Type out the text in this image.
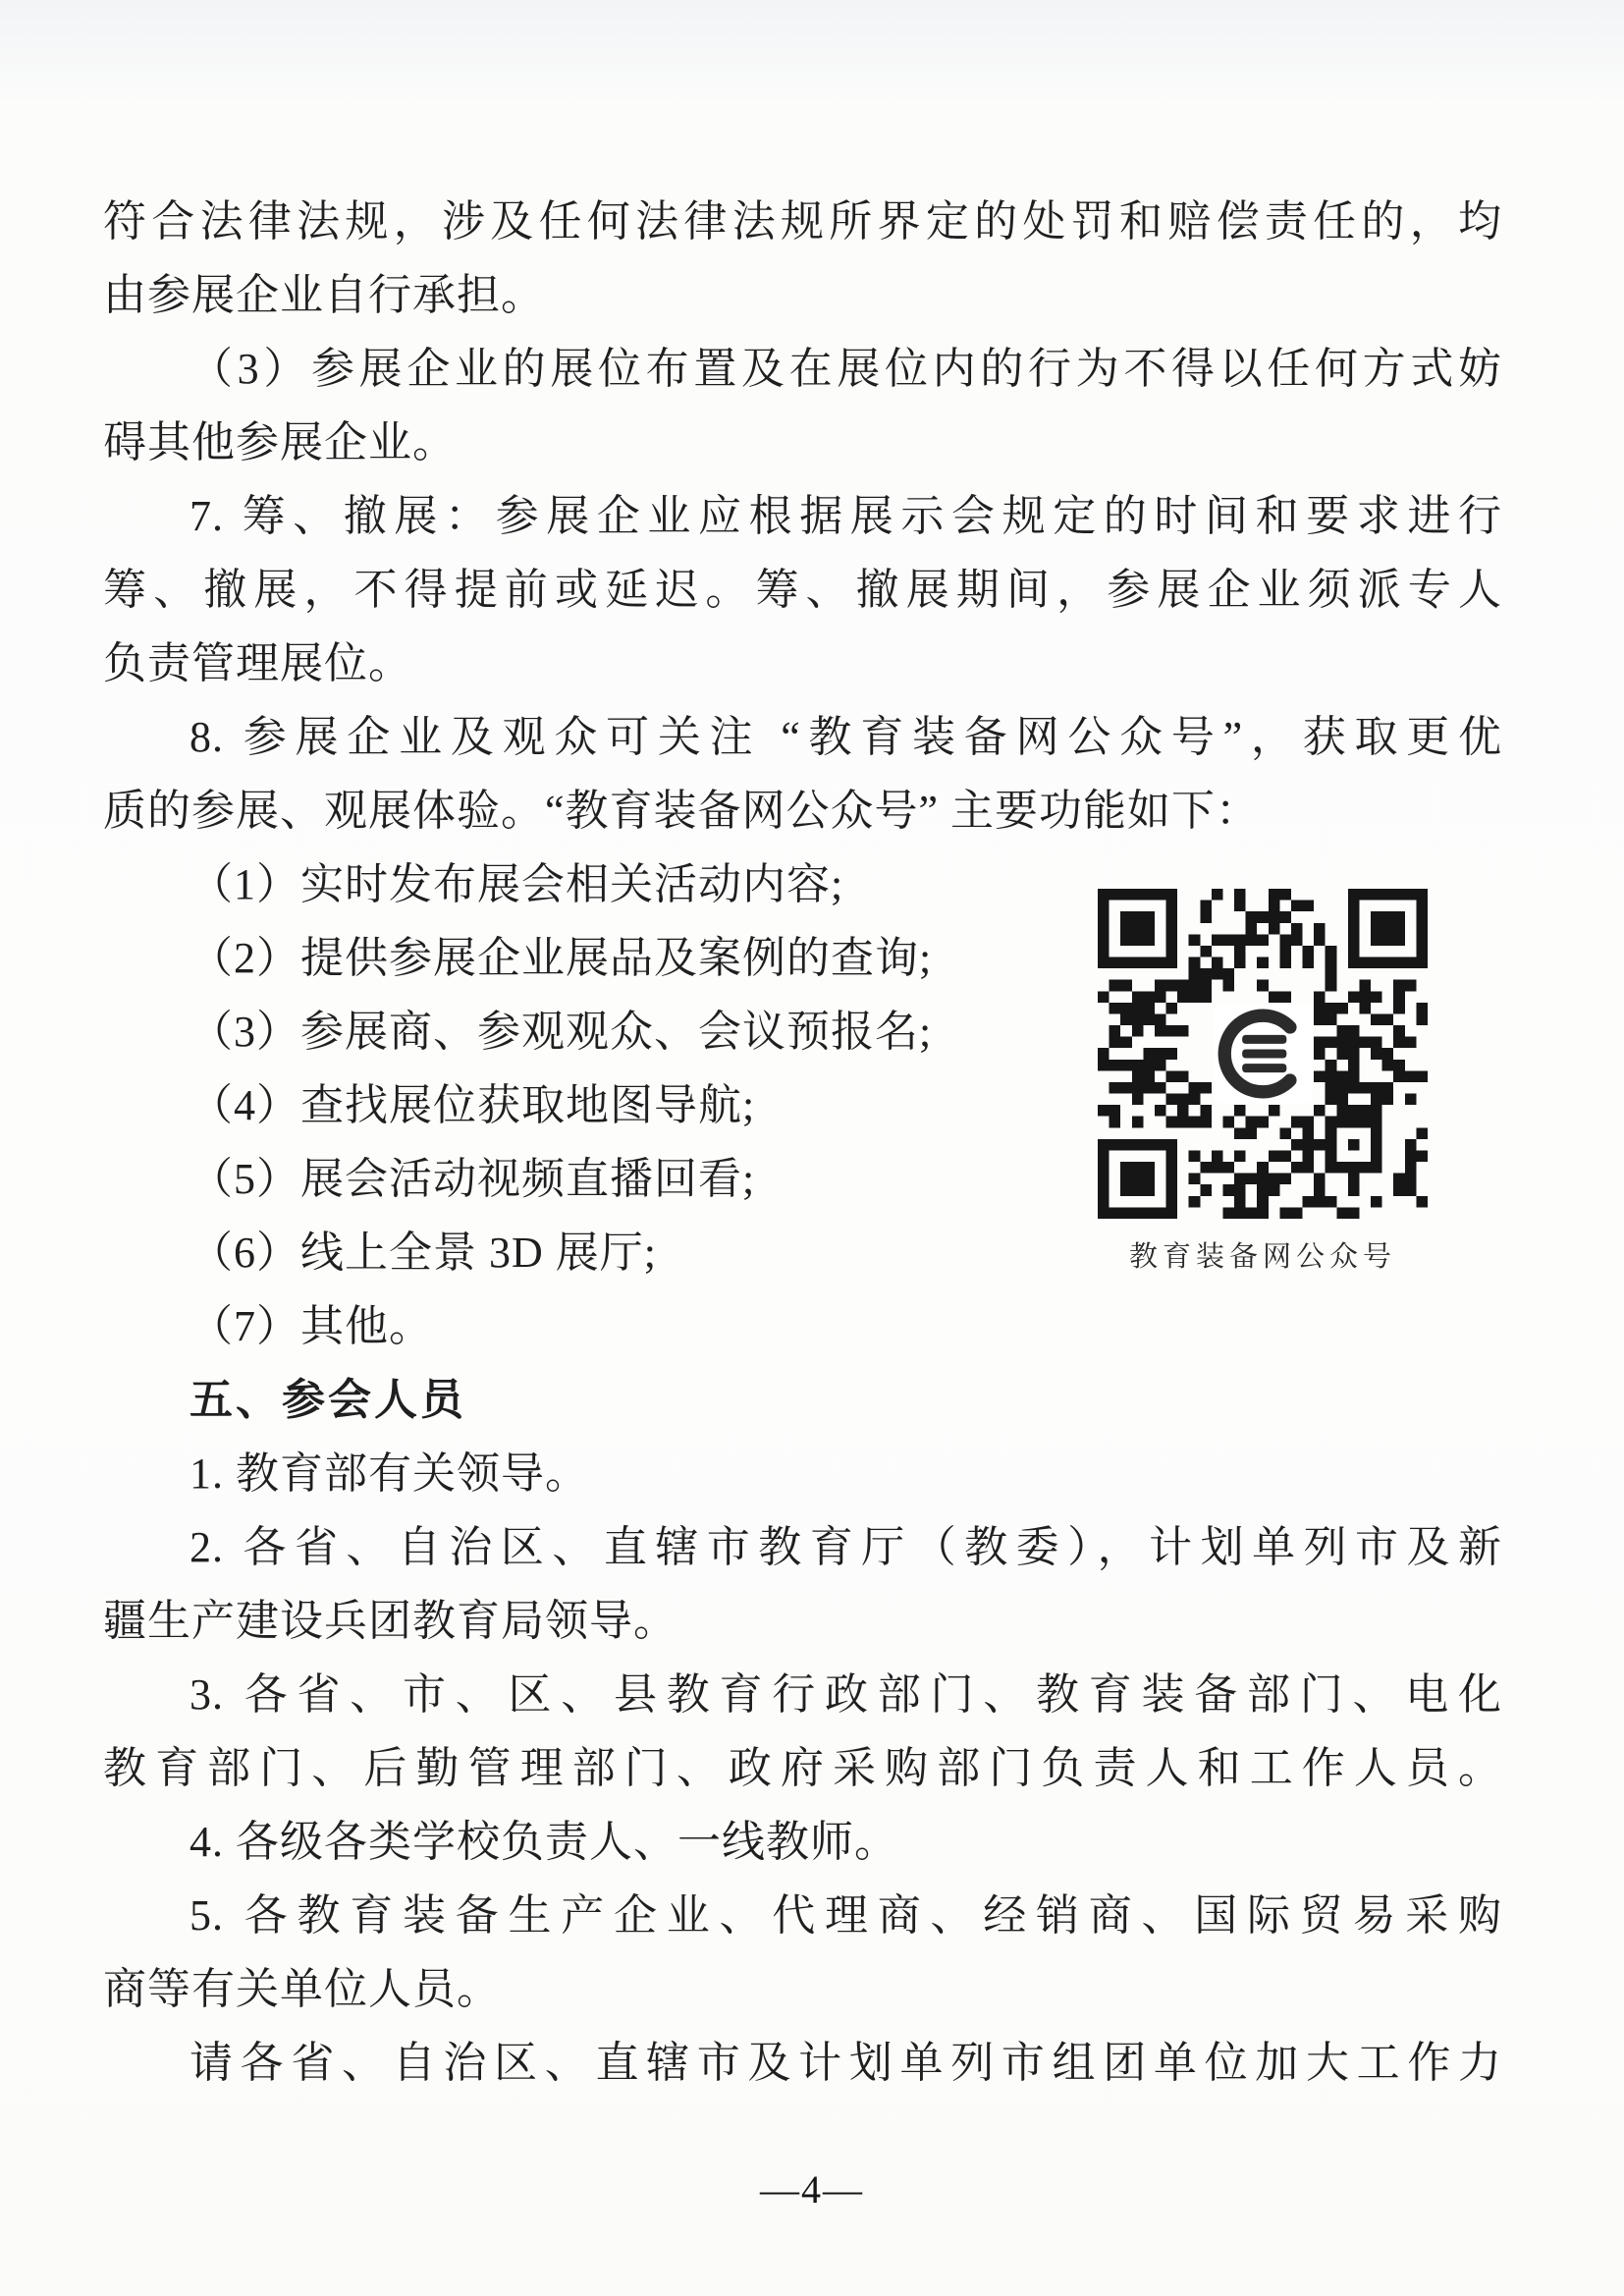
符合法律法规，涉及任何法律法规所界定的处罚和赔偿责任的，均
由参展企业自行承担。
（3）参展企业的展位布置及在展位内的行为不得以任何方式妨
碍其他参展企业。
7. 筹、撤展：参展企业应根据展示会规定的时间和要求进行
筹、撤展，不得提前或延迟。筹、撤展期间，参展企业须派专人
负责管理展位。
8. 参展企业及观众可关注 “教育装备网公众号”，获取更优
质的参展、观展体验。“教育装备网公众号” 主要功能如下：
（1）实时发布展会相关活动内容;
（2）提供参展企业展品及案例的查询;
（3）参展商、参观观众、会议预报名;
（4）查找展位获取地图导航;
（5）展会活动视频直播回看;
（6）线上全景 3D 展厅;
（7）其他。
五、参会人员
1. 教育部有关领导。
2. 各省、自治区、直辖市教育厅（教委），计划单列市及新
疆生产建设兵团教育局领导。
3. 各省、市、区、县教育行政部门、教育装备部门、电化
教育部门、后勤管理部门、政府采购部门负责人和工作人员。
4. 各级各类学校负责人、一线教师。
5. 各教育装备生产企业、代理商、经销商、国际贸易采购
商等有关单位人员。
请各省、自治区、直辖市及计划单列市组团单位加大工作力
教育装备网公众号
—4—
